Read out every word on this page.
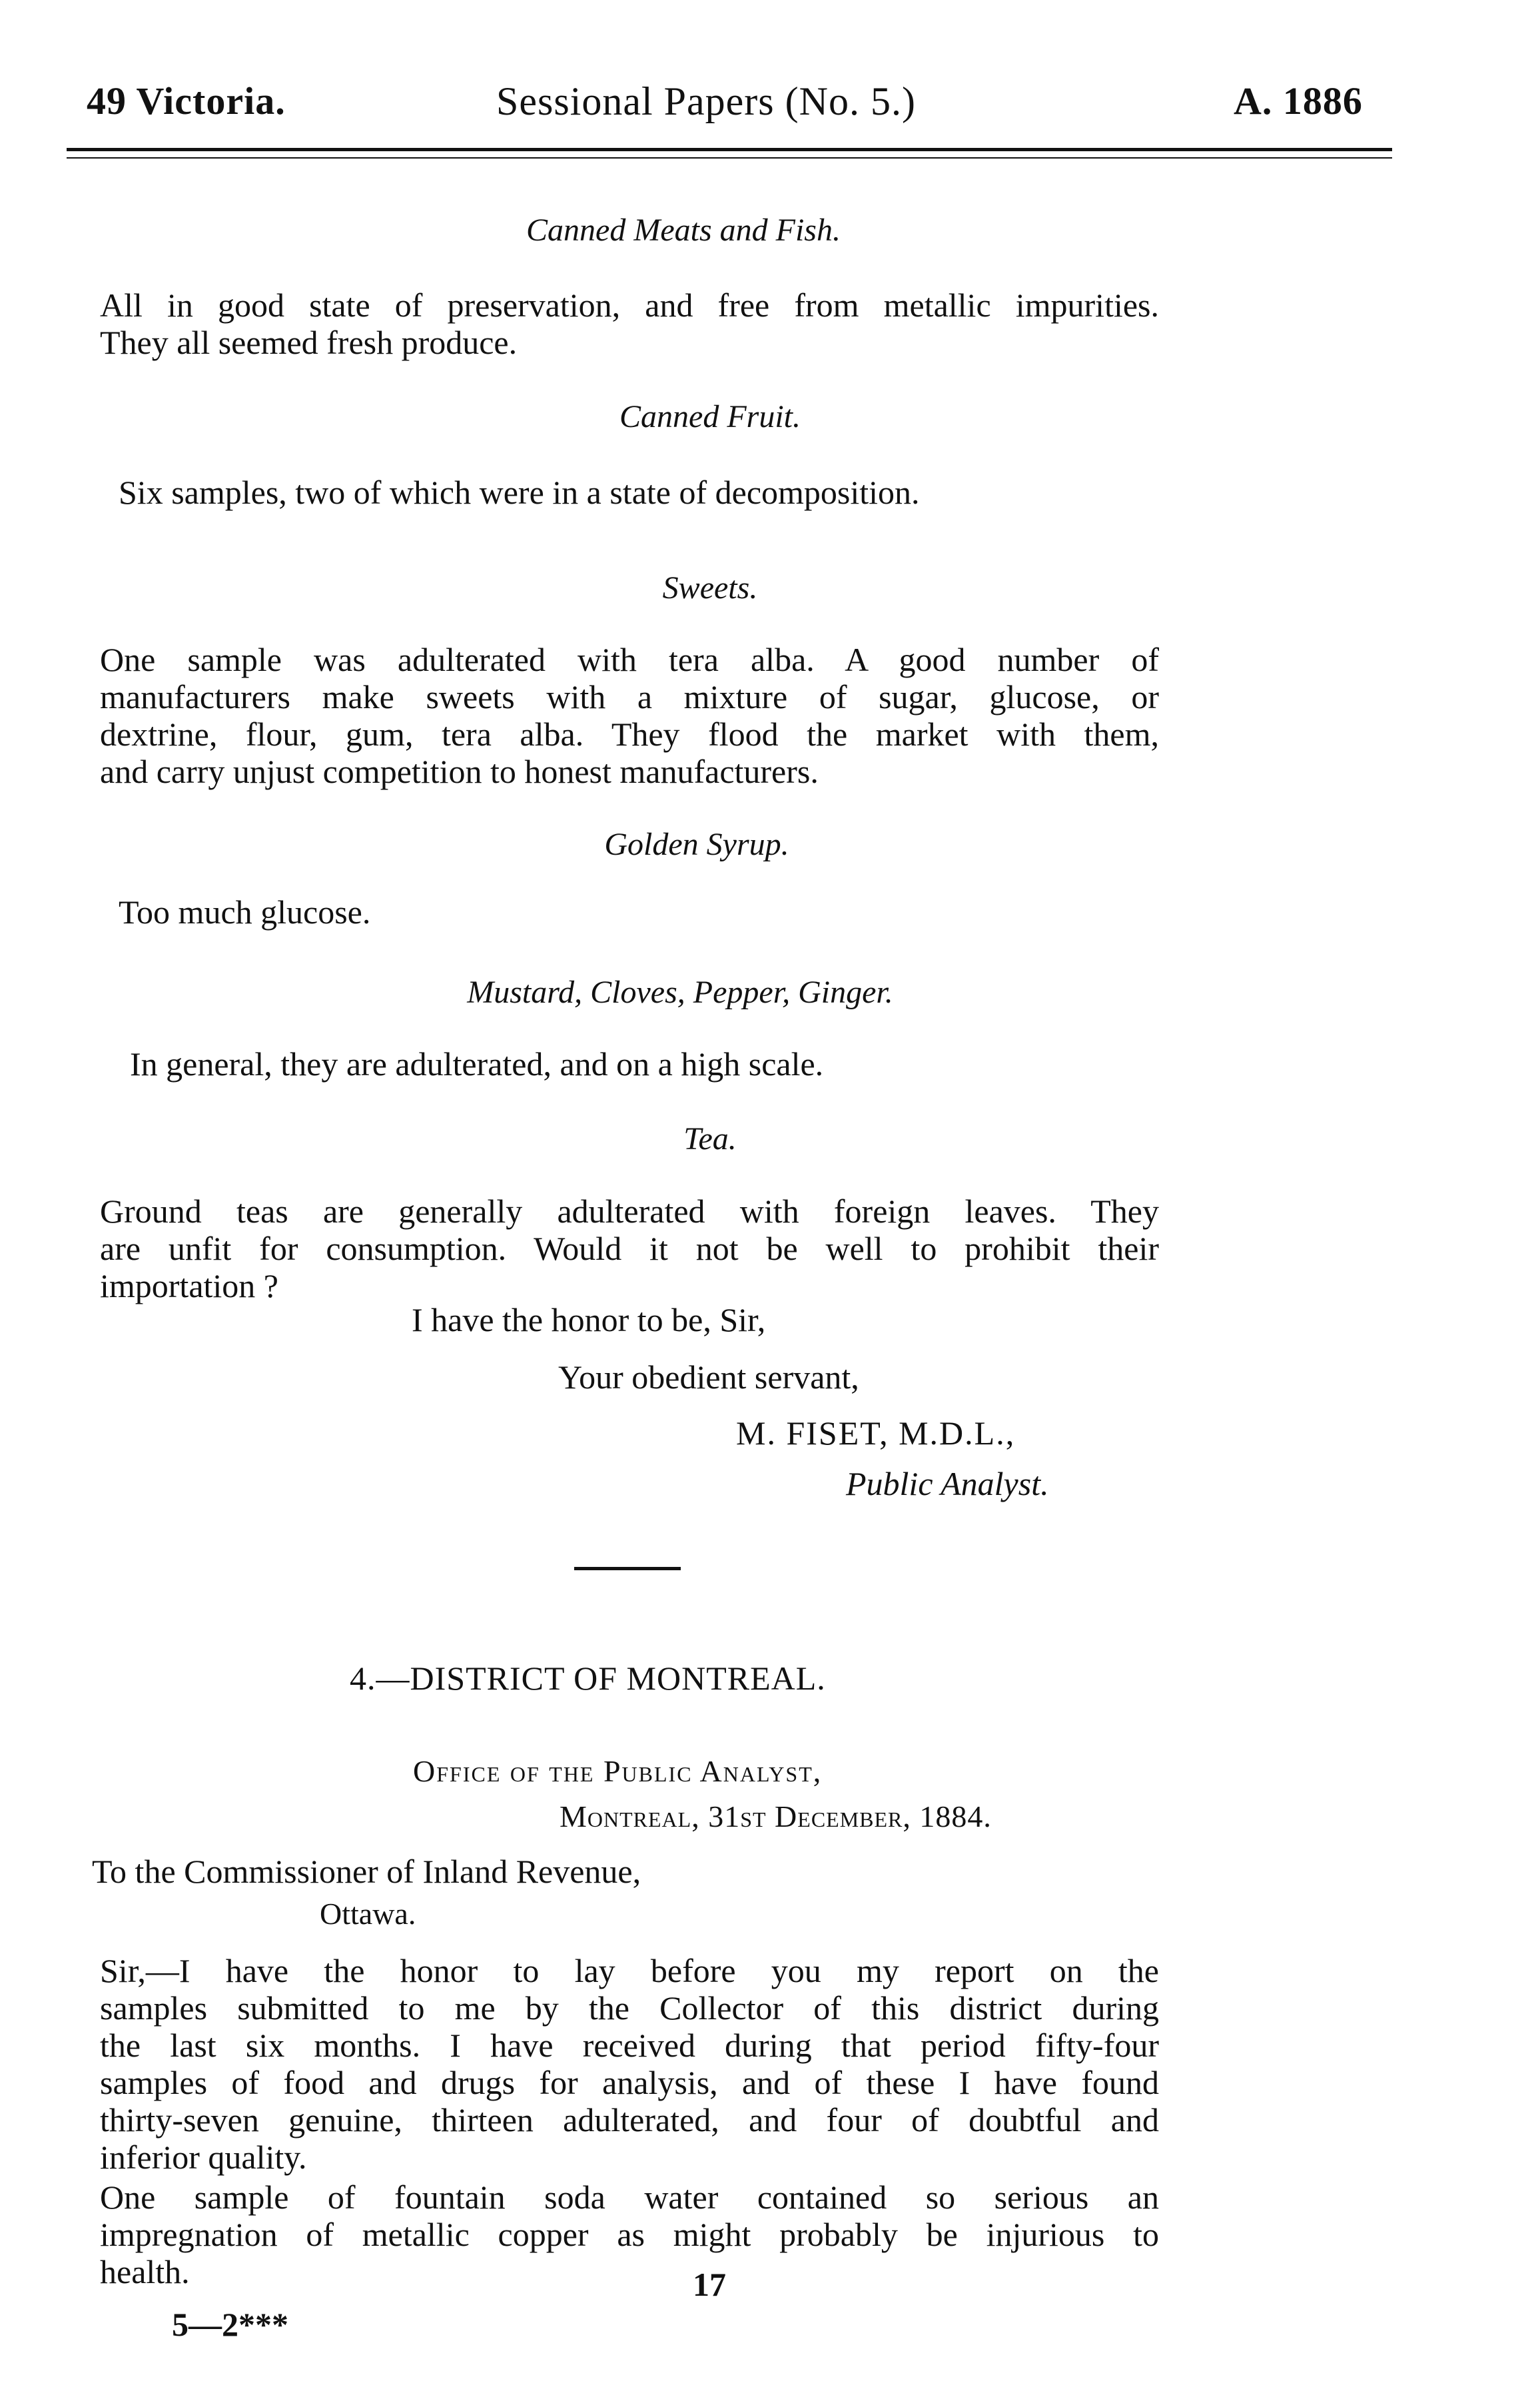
49 Victoria.	Sessional Papers (No. 5.)	A. 1886
Canned Meats and Fish.
All in good state of preservation, and free from metallic impurities.
They all seemed fresh produce.
Canned Fruit.
Six samples, two of which were in a state of decomposition.
Sweets.
One sample was adulterated with tera alba. A good number of
manufacturers make sweets with a mixture of sugar, glucose, or
dextrine, flour, gum, tera alba. They flood the market with them,
and carry unjust competition to honest manufacturers.
Golden Syrup.
Too much glucose.
Mustard, Cloves, Pepper, Ginger.
In general, they are adulterated, and on a high scale.
Tea.
Ground teas are generally adulterated with foreign leaves. They
are unfit for consumption. Would it not be well to prohibit their
importation ?
I have the honor to be, Sir,
Your obedient servant,
M. FISET, M.D.L.,
Public Analyst.
4.—DISTRICT OF MONTREAL.
Office of the Public Analyst,
Montreal, 31st December, 1884.
To the Commissioner of Inland Revenue,
Ottawa.
Sir,—I have the honor to lay before you my report on the
samples submitted to me by the Collector of this district during
the last six months. I have received during that period fifty-four
samples of food and drugs for analysis, and of these I have found
thirty-seven genuine, thirteen adulterated, and four of doubtful and
inferior quality.
One sample of fountain soda water contained so serious an
impregnation of metallic copper as might probably be injurious to
health.	17
5—2***
